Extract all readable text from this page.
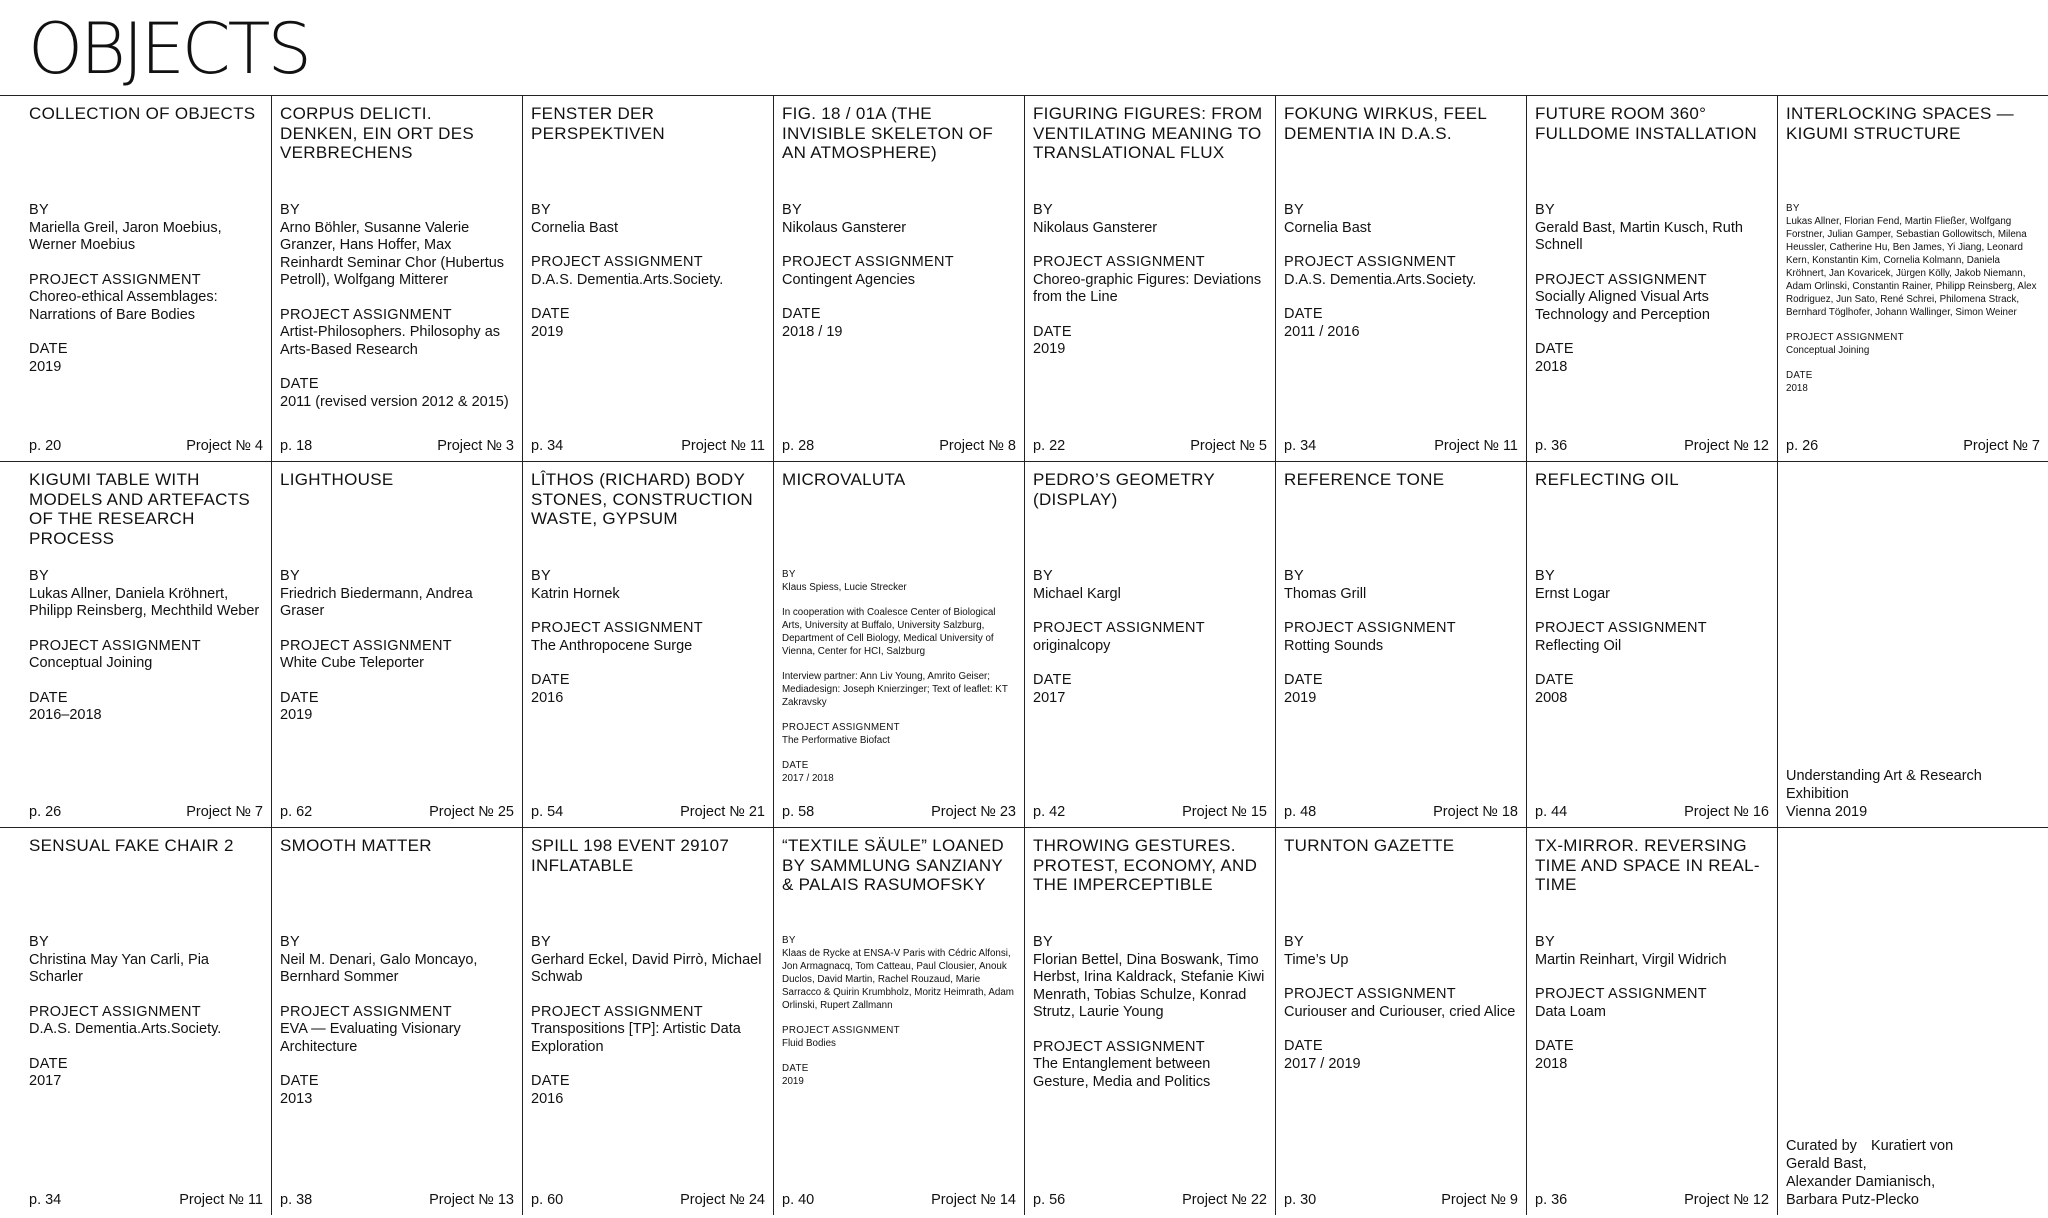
OBJECTS
COLLECTION OF OBJECTS
BY
Mariella Greil, Jaron Moebius, Werner Moebius
PROJECT ASSIGNMENT
Choreo-ethical Assemblages: Narrations of Bare Bodies
DATE
2019
p. 20	Project № 4
CORPUS DELICTI. DENKEN, EIN ORT DES VERBRECHENS
BY
Arno Böhler, Susanne Valerie Granzer, Hans Hoffer, Max Reinhardt Seminar Chor (Hubertus Petroll), Wolfgang Mitterer
PROJECT ASSIGNMENT
Artist-Philosophers. Philosophy as Arts-Based Research
DATE
2011 (revised version 2012 & 2015)
p. 18	Project № 3
FENSTER DER PERSPEKTIVEN
BY
Cornelia Bast
PROJECT ASSIGNMENT
D.A.S. Dementia.Arts.Society.
DATE
2019
p. 34	Project № 11
FIG. 18 / 01A (THE INVISIBLE SKELETON OF AN ATMOSPHERE)
BY
Nikolaus Gansterer
PROJECT ASSIGNMENT
Contingent Agencies
DATE
2018 / 19
p. 28	Project № 8
FIGURING FIGURES: FROM VENTILATING MEANING TO TRANSLATIONAL FLUX
BY
Nikolaus Gansterer
PROJECT ASSIGNMENT
Choreo-graphic Figures: Deviations from the Line
DATE
2019
p. 22	Project № 5
FOKUNG WIRKUS, FEEL DEMENTIA IN D.A.S.
BY
Cornelia Bast
PROJECT ASSIGNMENT
D.A.S. Dementia.Arts.Society.
DATE
2011 / 2016
p. 34	Project № 11
FUTURE ROOM 360° FULLDOME INSTALLATION
BY
Gerald Bast, Martin Kusch, Ruth Schnell
PROJECT ASSIGNMENT
Socially Aligned Visual Arts Technology and Perception
DATE
2018
p. 36	Project № 12
INTERLOCKING SPACES — KIGUMI STRUCTURE
BY
Lukas Allner, Florian Fend, Martin Fließer, Wolfgang Forstner, Julian Gamper, Sebastian Gollowitsch, Milena Heussler, Catherine Hu, Ben James, Yi Jiang, Leonard Kern, Konstantin Kim, Cornelia Kolmann, Daniela Kröhnert, Jan Kovaricek, Jürgen Kölly, Jakob Niemann, Adam Orlinski, Constantin Rainer, Philipp Reinsberg, Alex Rodriguez, Jun Sato, René Schrei, Philomena Strack, Bernhard Töglhofer, Johann Wallinger, Simon Weiner
PROJECT ASSIGNMENT
Conceptual Joining
DATE
2018
p. 26	Project № 7
KIGUMI TABLE WITH MODELS AND ARTEFACTS OF THE RESEARCH PROCESS
BY
Lukas Allner, Daniela Kröhnert, Philipp Reinsberg, Mechthild Weber
PROJECT ASSIGNMENT
Conceptual Joining
DATE
2016–2018
p. 26	Project № 7
LIGHTHOUSE
BY
Friedrich Biedermann, Andrea Graser
PROJECT ASSIGNMENT
White Cube Teleporter
DATE
2019
p. 62	Project № 25
LÎTHOS (RICHARD) BODY STONES, CONSTRUCTION WASTE, GYPSUM
BY
Katrin Hornek
PROJECT ASSIGNMENT
The Anthropocene Surge
DATE
2016
p. 54	Project № 21
MICROVALUTA
BY
Klaus Spiess, Lucie Strecker
In cooperation with Coalesce Center of Biological Arts, University at Buffalo, University Salzburg, Department of Cell Biology, Medical University of Vienna, Center for HCI, Salzburg
Interview partner: Ann Liv Young, Amrito Geiser; Mediadesign: Joseph Knierzinger; Text of leaflet: KT Zakravsky
PROJECT ASSIGNMENT
The Performative Biofact
DATE
2017 / 2018
p. 58	Project № 23
PEDRO’S GEOMETRY (DISPLAY)
BY
Michael Kargl
PROJECT ASSIGNMENT
originalcopy
DATE
2017
p. 42	Project № 15
REFERENCE TONE
BY
Thomas Grill
PROJECT ASSIGNMENT
Rotting Sounds
DATE
2019
p. 48	Project № 18
REFLECTING OIL
BY
Ernst Logar
PROJECT ASSIGNMENT
Reflecting Oil
DATE
2008
p. 44	Project № 16
Understanding Art & Research
Exhibition
Vienna 2019
SENSUAL FAKE CHAIR 2
BY
Christina May Yan Carli, Pia Scharler
PROJECT ASSIGNMENT
D.A.S. Dementia.Arts.Society.
DATE
2017
p. 34	Project № 11
SMOOTH MATTER
BY
Neil M. Denari, Galo Moncayo, Bernhard Sommer
PROJECT ASSIGNMENT
EVA — Evaluating Visionary Architecture
DATE
2013
p. 38	Project № 13
SPILL 198 EVENT 29107 INFLATABLE
BY
Gerhard Eckel, David Pirrò, Michael Schwab
PROJECT ASSIGNMENT
Transpositions [TP]: Artistic Data Exploration
DATE
2016
p. 60	Project № 24
“TEXTILE SÄULE” LOANED BY SAMMLUNG SANZIANY & PALAIS RASUMOFSKY
BY
Klaas de Rycke at ENSA-V Paris with Cédric Alfonsi, Jon Armagnacq, Tom Catteau, Paul Clousier, Anouk Duclos, David Martin, Rachel Rouzaud, Marie Sarracco & Quirin Krumbholz, Moritz Heimrath, Adam Orlinski, Rupert Zallmann
PROJECT ASSIGNMENT
Fluid Bodies
DATE
2019
p. 40	Project № 14
THROWING GESTURES. PROTEST, ECONOMY, AND THE IMPERCEPTIBLE
BY
Florian Bettel, Dina Boswank, Timo Herbst, Irina Kaldrack, Stefanie Kiwi Menrath, Tobias Schulze, Konrad Strutz, Laurie Young
PROJECT ASSIGNMENT
The Entanglement between Gesture, Media and Politics
p. 56	Project № 22
TURNTON GAZETTE
BY
Time’s Up
PROJECT ASSIGNMENT
Curiouser and Curiouser, cried Alice
DATE
2017 / 2019
p. 30	Project № 9
TX-MIRROR. REVERSING TIME AND SPACE IN REAL-TIME
BY
Martin Reinhart, Virgil Widrich
PROJECT ASSIGNMENT
Data Loam
DATE
2018
p. 36	Project № 12
Curated by Kuratiert von
Gerald Bast,
Alexander Damianisch,
Barbara Putz-Plecko
